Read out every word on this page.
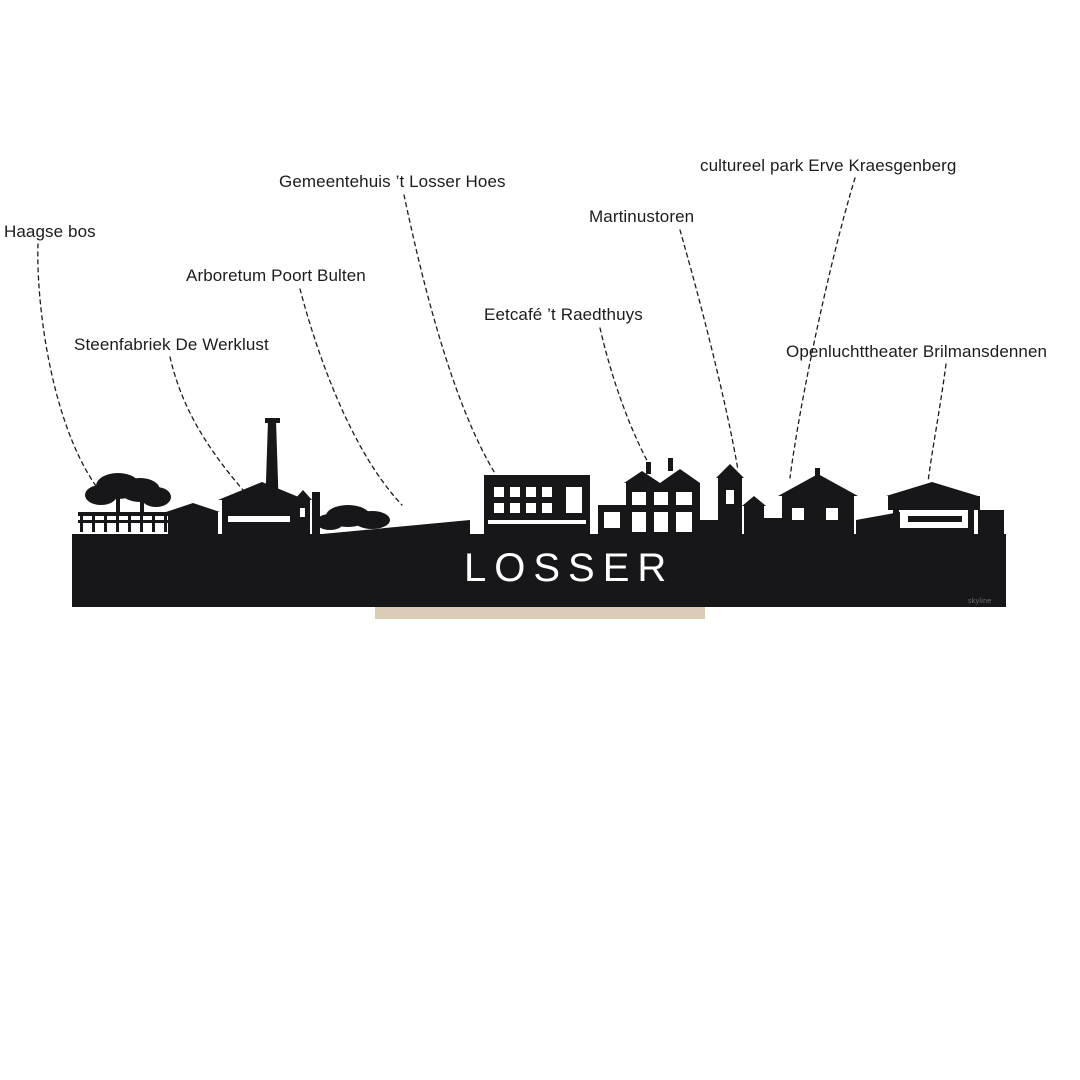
Haagse bos
Steenfabriek De Werklust
Arboretum Poort Bulten
Gemeentehuis ’t Losser Hoes
Eetcafé ’t Raedthuys
Martinustoren
cultureel park Erve Kraesgenberg
Openluchttheater Brilmansdennen
LOSSER
skyline
